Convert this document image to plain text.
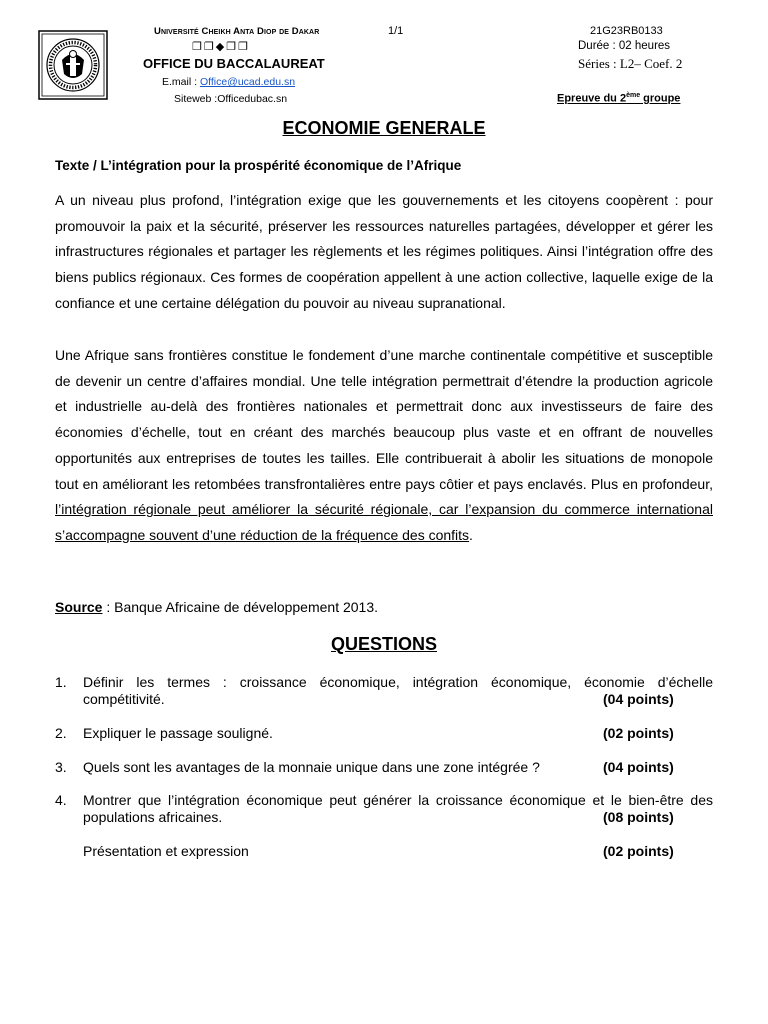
Université Cheikh Anta Diop de Dakar	1/1	21G23RB0133
❐❐◆❐❐	Durée : 02 heures
OFFICE DU BACCALAUREAT	Séries : L2– Coef. 2
E.mail : Office@ucad.edu.sn
Siteweb :Officedubac.sn	Epreuve du 2ème groupe
ECONOMIE GENERALE
Texte / L’intégration pour la prospérité économique de l’Afrique
A un niveau plus profond, l’intégration exige que les gouvernements et les citoyens coopèrent : pour promouvoir la paix et la sécurité, préserver les ressources naturelles partagées, développer et gérer les infrastructures régionales et partager les règlements et les régimes politiques. Ainsi l’intégration offre des biens publics régionaux. Ces formes de coopération appellent à une action collective, laquelle exige de la confiance et une certaine délégation du pouvoir au niveau supranational.
Une Afrique sans frontières constitue le fondement d’une marche continentale compétitive et susceptible de devenir un centre d’affaires mondial. Une telle intégration permettrait d’étendre la production agricole et industrielle au-delà des frontières nationales et permettrait donc aux investisseurs de faire des économies d’échelle, tout en créant des marchés beaucoup plus vaste et en offrant de nouvelles opportunités aux entreprises de toutes les tailles. Elle contribuerait à abolir les situations de monopole tout en améliorant les retombées transfrontalières entre pays côtier et pays enclavés. Plus en profondeur, l’intégration régionale peut améliorer la sécurité régionale, car l’expansion du commerce international s’accompagne souvent d’une réduction de la fréquence des confits.
Source : Banque Africaine de développement 2013.
QUESTIONS
1. Définir les termes : croissance économique, intégration économique, économie d’échelle compétitivité.	(04 points)
2. Expliquer le passage souligné.	(02 points)
3. Quels sont les avantages de la monnaie unique dans une zone intégrée ?	(04 points)
4. Montrer que l’intégration économique peut générer la croissance économique et le bien-être des populations africaines.	(08 points)
Présentation et expression	(02 points)
